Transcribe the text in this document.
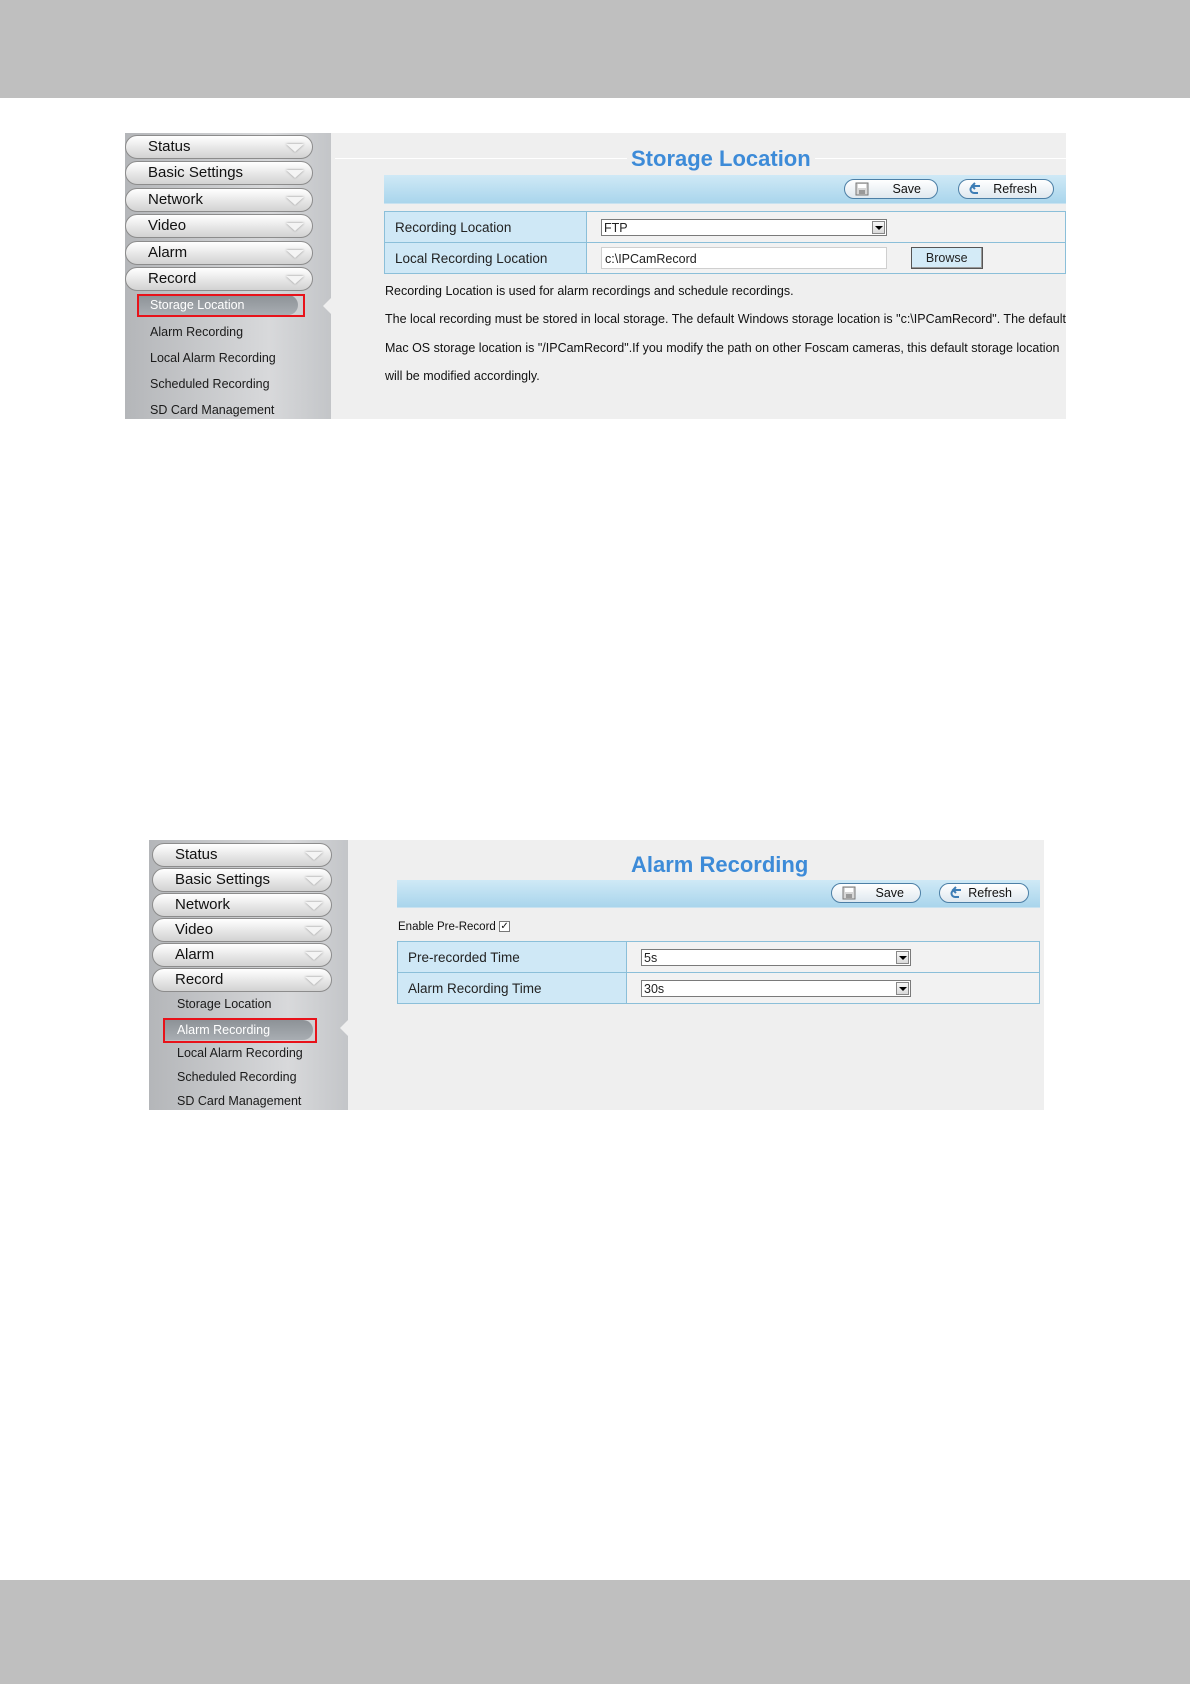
Status
Basic Settings
Network
Video
Alarm
Record
Storage Location
Alarm Recording
Local Alarm Recording
Scheduled Recording
SD Card Management
Storage Location
Save	Refresh
Recording Location	FTP

Local Recording Location	c:\IPCamRecord Browse
Recording Location is used for alarm recordings and schedule recordings.
The local recording must be stored in local storage. The default Windows storage location is "c:\IPCamRecord". The default
Mac OS storage location is "/IPCamRecord".If you modify the path on other Foscam cameras, this default storage location
will be modified accordingly.
Status
Basic Settings
Network
Video
Alarm
Record
Storage Location
Alarm Recording
Local Alarm Recording
Scheduled Recording
SD Card Management
Alarm Recording
Save	Refresh
Enable Pre-Record ✓
Pre-recorded Time	5s

Alarm Recording Time	30s
